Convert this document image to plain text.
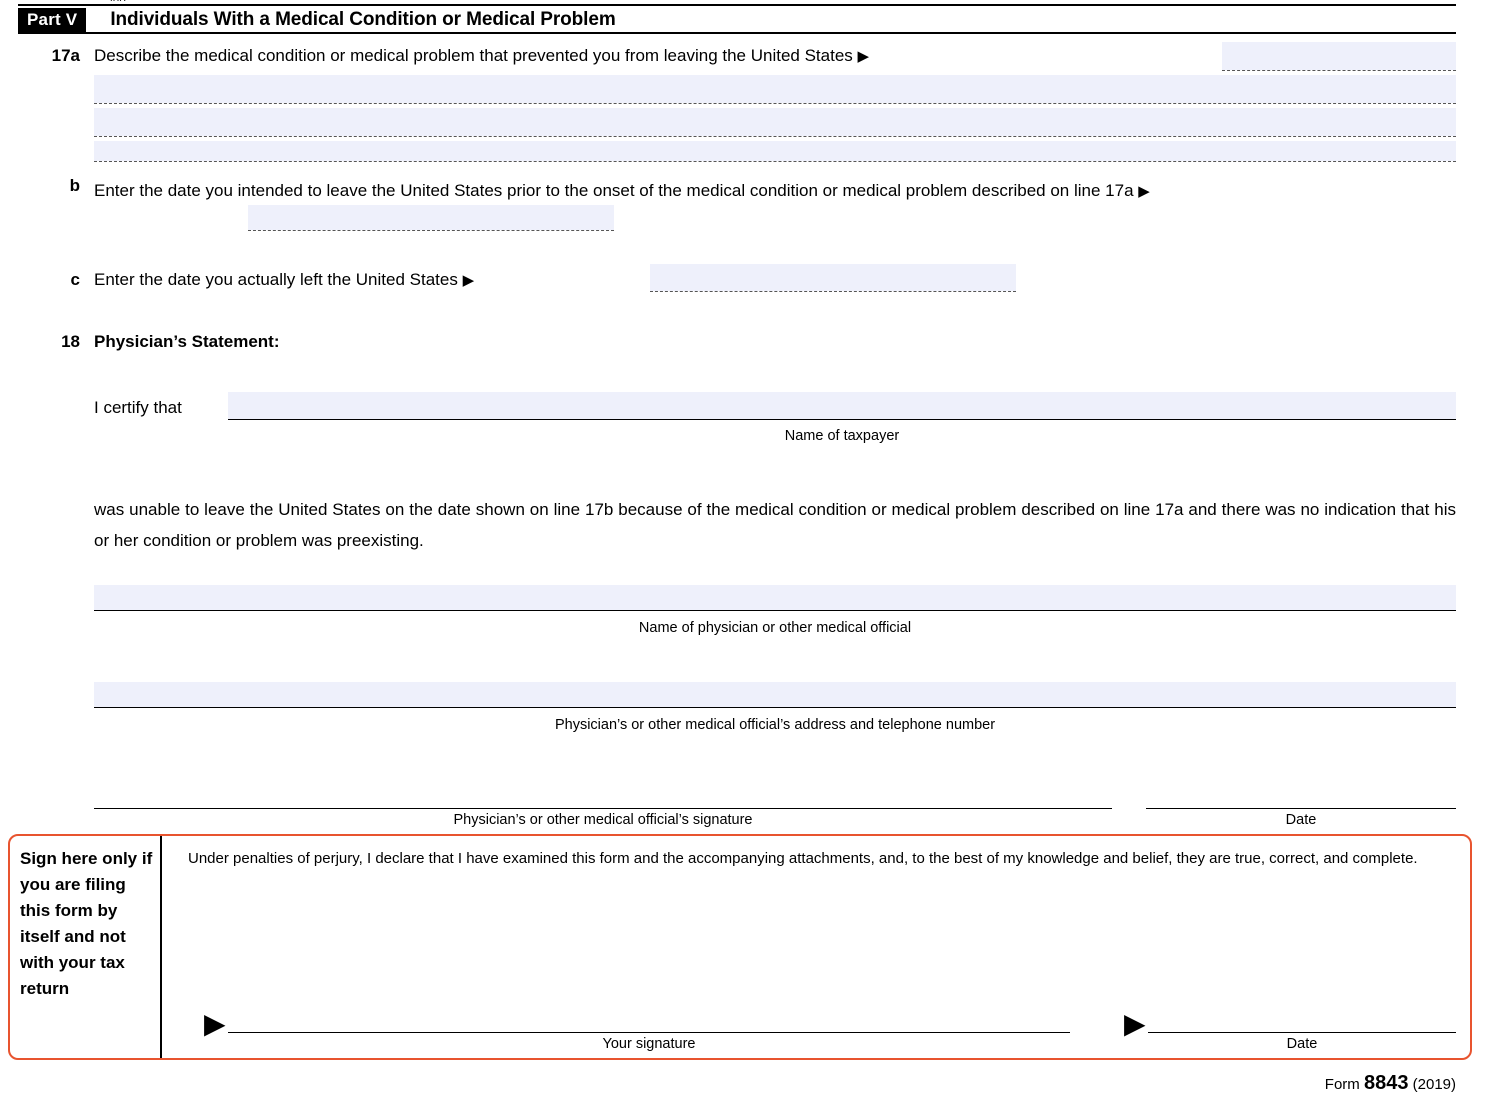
Part V	Individuals With a Medical Condition or Medical Problem
17a Describe the medical condition or medical problem that prevented you from leaving the United States ▶
b Enter the date you intended to leave the United States prior to the onset of the medical condition or medical problem described on line 17a ▶
c Enter the date you actually left the United States ▶
18 Physician’s Statement:
I certify that
Name of taxpayer
was unable to leave the United States on the date shown on line 17b because of the medical condition or medical problem described on line 17a and there was no indication that his or her condition or problem was preexisting.
Name of physician or other medical official
Physician’s or other medical official’s address and telephone number
Physician’s or other medical official’s signature	Date
Sign here only if you are filing this form by itself and not with your tax return
Under penalties of perjury, I declare that I have examined this form and the accompanying attachments, and, to the best of my knowledge and belief, they are true, correct, and complete.
▶
Your signature
▶
Date
Form 8843 (2019)
